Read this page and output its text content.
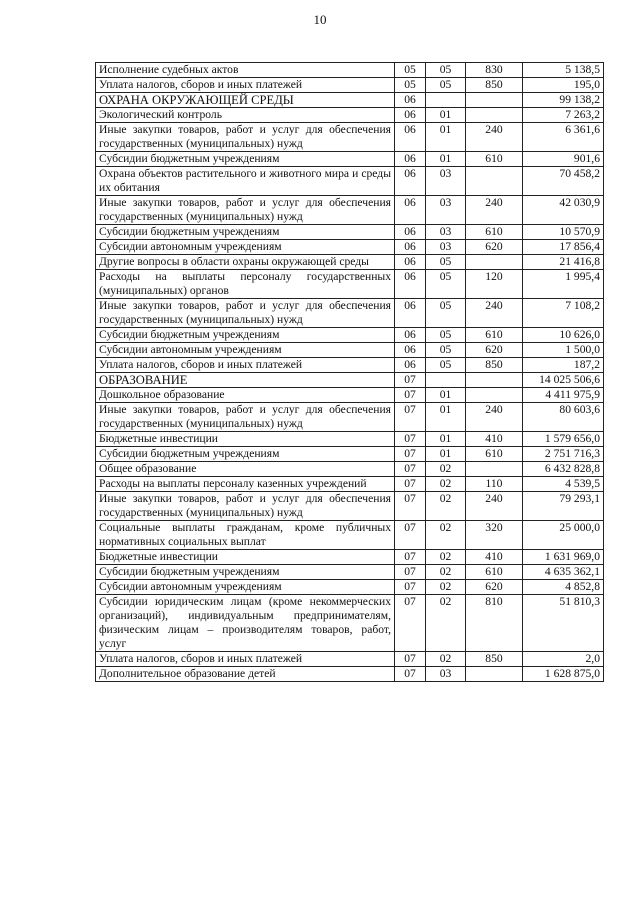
10
Исполнение судебных актов	05	05	830	5 138,5
Уплата налогов, сборов и иных платежей	05	05	850	195,0
ОХРАНА ОКРУЖАЮЩЕЙ СРЕДЫ	06			99 138,2
Экологический контроль	06	01		7 263,2
Иные закупки товаров, работ и услуг для обеспечения государственных (муниципальных) нужд	06	01	240	6 361,6
Субсидии бюджетным учреждениям	06	01	610	901,6
Охрана объектов растительного и животного мира и среды их обитания	06	03		70 458,2
Иные закупки товаров, работ и услуг для обеспечения государственных (муниципальных) нужд	06	03	240	42 030,9
Субсидии бюджетным учреждениям	06	03	610	10 570,9
Субсидии автономным учреждениям	06	03	620	17 856,4
Другие вопросы в области охраны окружающей среды	06	05		21 416,8
Расходы на выплаты персоналу государственных (муниципальных) органов	06	05	120	1 995,4
Иные закупки товаров, работ и услуг для обеспечения государственных (муниципальных) нужд	06	05	240	7 108,2
Субсидии бюджетным учреждениям	06	05	610	10 626,0
Субсидии автономным учреждениям	06	05	620	1 500,0
Уплата налогов, сборов и иных платежей	06	05	850	187,2
ОБРАЗОВАНИЕ	07			14 025 506,6
Дошкольное образование	07	01		4 411 975,9
Иные закупки товаров, работ и услуг для обеспечения государственных (муниципальных) нужд	07	01	240	80 603,6
Бюджетные инвестиции	07	01	410	1 579 656,0
Субсидии бюджетным учреждениям	07	01	610	2 751 716,3
Общее образование	07	02		6 432 828,8
Расходы на выплаты персоналу казенных учреждений	07	02	110	4 539,5
Иные закупки товаров, работ и услуг для обеспечения государственных (муниципальных) нужд	07	02	240	79 293,1
Социальные выплаты гражданам, кроме публичных нормативных социальных выплат	07	02	320	25 000,0
Бюджетные инвестиции	07	02	410	1 631 969,0
Субсидии бюджетным учреждениям	07	02	610	4 635 362,1
Субсидии автономным учреждениям	07	02	620	4 852,8
Субсидии юридическим лицам (кроме некоммерческих организаций), индивидуальным предпринимателям, физическим лицам – производителям товаров, работ, услуг	07	02	810	51 810,3
Уплата налогов, сборов и иных платежей	07	02	850	2,0
Дополнительное образование детей	07	03		1 628 875,0
